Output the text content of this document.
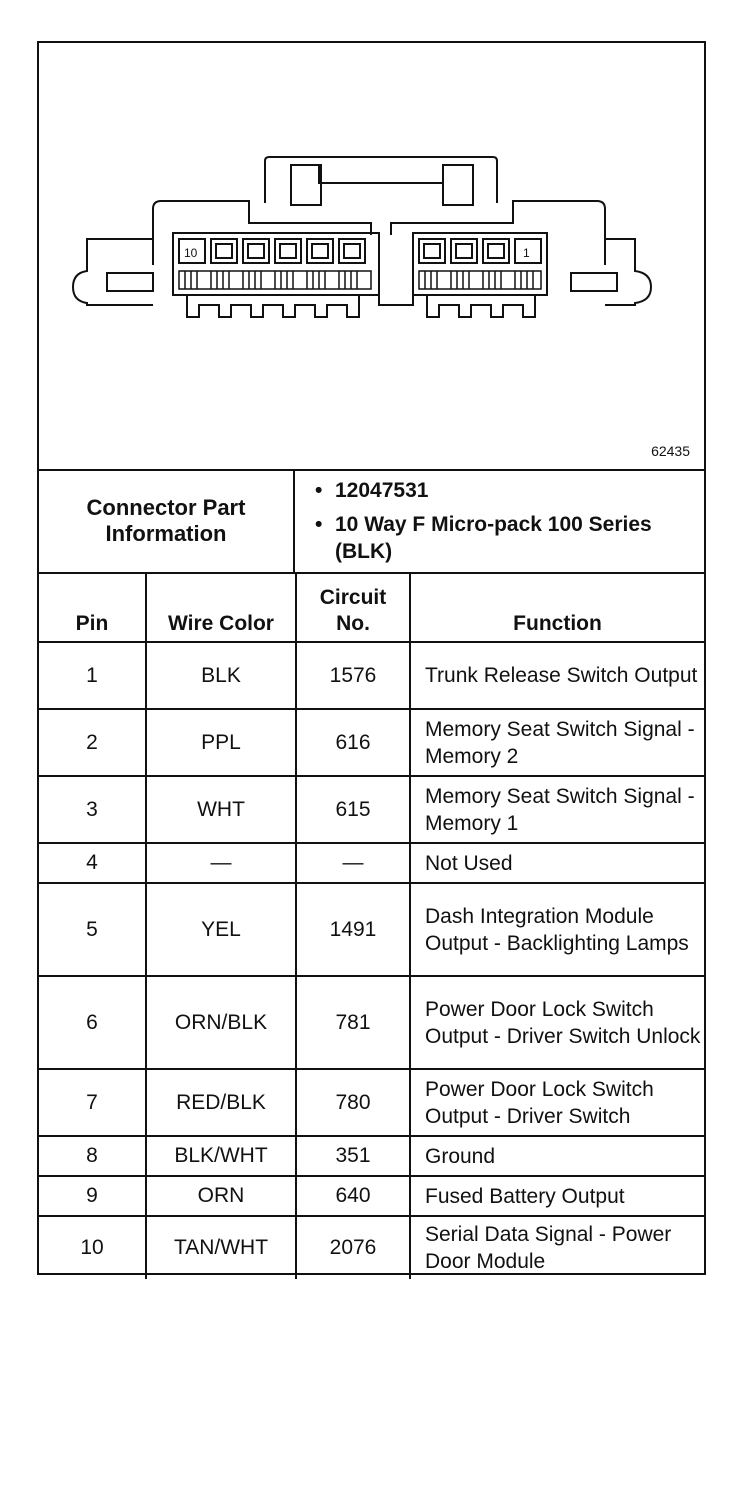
10	1
62435
Connector Part Information
• 12047531
• 10 Way F Micro-pack 100 Series (BLK)
Pin	Wire Color	Circuit No.	Function
1	BLK	1576	Trunk Release Switch Output
2	PPL	616	Memory Seat Switch Signal - Memory 2
3	WHT	615	Memory Seat Switch Signal - Memory 1
4	—	—	Not Used
5	YEL	1491	Dash Integration Module Output - Backlighting Lamps
6	ORN/BLK	781	Power Door Lock Switch Output - Driver Switch Unlock
7	RED/BLK	780	Power Door Lock Switch Output - Driver Switch
8	BLK/WHT	351	Ground
9	ORN	640	Fused Battery Output
10	TAN/WHT	2076	Serial Data Signal - Power Door Module
